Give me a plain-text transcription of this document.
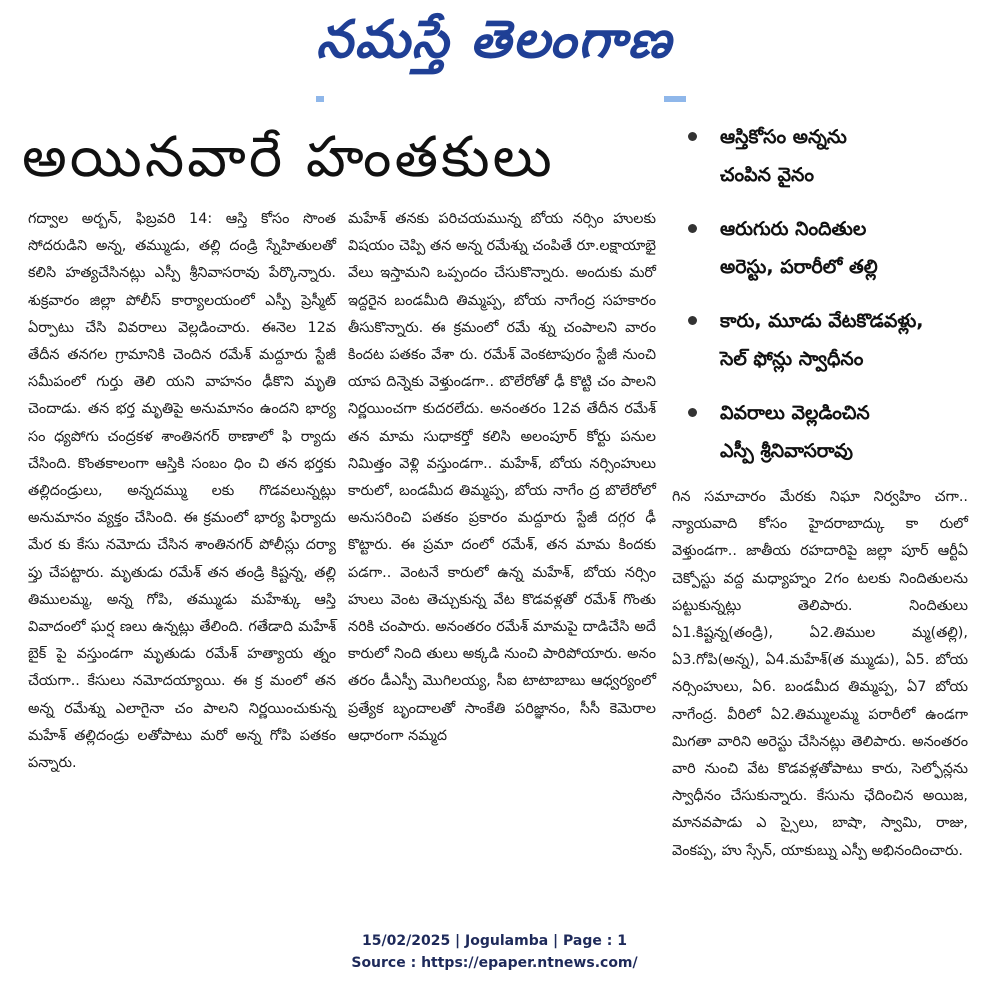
నమస్తే తెలంగాణ
అయినవారే హంతకులు	ఆస్తికోసం అన్నను
చంపిన వైనం
ఆరుగురు నిందితుల
అరెస్టు, పరారీలో తల్లి
కారు, మూడు వేటకొడవళ్లు,
సెల్ ఫోన్లు స్వాధీనం
వివరాలు వెల్లడించిన
ఎస్పీ శ్రీనివాసరావు

గద్వాల అర్బన్, ఫిబ్రవరి 14: ఆస్తి కోసం సొంత సోదరుడిని అన్న, తమ్ముడు, తల్లి దండ్రి స్నేహితులతో కలిసి హత్యచేసినట్లు ఎస్పీ శ్రీనివాసరావు పేర్కొన్నారు. శుక్రవారం జిల్లా పోలీస్ కార్యాలయంలో ఎస్పీ ప్రెస్మీట్ ఏర్పాటు చేసి వివరాలు వెల్లడించారు. ఈనెల 12వ తేదీన తనగల గ్రామానికి చెందిన రమేశ్ మద్దూరు స్టేజీ సమీపంలో గుర్తు తెలి యని వాహనం ఢీకొని మృతి చెందాడు. తన భర్త మృతిపై అనుమానం ఉందని భార్య సం ధ్యపోగు చంద్రకళ శాంతినగర్ ఠాణాలో ఫి ర్యాదు చేసింది. కొంతకాలంగా ఆస్తికి సంబం ధిం చి తన భర్తకు తల్లిదండ్రులు, అన్నదమ్ము లకు గొడవలున్నట్లు అనుమానం వ్యక్తం చేసింది. ఈ క్రమంలో భార్య ఫిర్యాదు మేర కు కేసు నమోదు చేసిన శాంతినగర్ పోలీస్లు దర్యా ప్తు చేపట్టారు. మృతుడు రమేశ్ తన తండ్రి కిష్టన్న, తల్లి తిములమ్మ, అన్న గోపి, తమ్ముడు మహేశ్కు ఆస్తి వివాదంలో ఘర్ష ణలు ఉన్నట్లు తేలింది. గతేడాది మహేశ్ బైక్ పై వస్తుండగా మృతుడు రమేశ్ హత్యాయ త్నం చేయగా.. కేసులు నమోదయ్యాయి. ఈ క్ర మంలో తన అన్న రమేశ్ను ఎలాగైనా చం పాలని నిర్ణయించుకున్న మహేశ్ తల్లిదండ్రు లతోపాటు మరో అన్న గోపి పతకం పన్నారు.

మహేశ్ తనకు పరిచయమున్న బోయ నర్సిం హులకు విషయం చెప్పి తన అన్న రమేశ్ను చంపితే రూ.లక్షాయాభై వేలు ఇస్తామని ఒప్పందం చేసుకొన్నారు. అందుకు మరో ఇద్దరైన బండమీది తిమ్మప్ప, బోయ నాగేంద్ర సహకారం తీసుకొన్నారు. ఈ క్రమంలో రమే శ్ను చంపాలని వారం కిందట పతకం వేశా రు. రమేశ్ వెంకటాపురం స్టేజీ నుంచి యాప దిన్నెకు వెళ్తుండగా.. బొలేరోతో ఢీ కొట్టి చం పాలని నిర్ణయించగా కుదరలేదు. అనంతరం 12వ తేదీన రమేశ్ తన మామ సుధాకర్తో కలిసి అలంపూర్ కోర్టు పనుల నిమిత్తం వెళ్లి వస్తుండగా.. మహేశ్, బోయ నర్సింహులు కారులో, బండమీద తిమ్మప్ప, బోయ నాగేం ద్ర బొలేరోలో అనుసరించి పతకం ప్రకారం మద్దూరు స్టేజీ దగ్గర ఢీ కొట్టారు. ఈ ప్రమా దంలో రమేశ్, తన మామ కిందకు పడగా.. వెంటనే కారులో ఉన్న మహేశ్, బోయ నర్సిం హులు వెంట తెచ్చుకున్న వేట కొడవళ్లతో రమేశ్ గొంతు నరికి చంపారు. అనంతరం రమేశ్ మామపై దాడిచేసి అదే కారులో నింది తులు అక్కడి నుంచి పారిపోయారు. అనం తరం డీఎస్పీ మొగిలయ్య, సీఐ టాటాబాబు ఆధ్వర్యంలో ప్రత్యేక బృందాలతో సాంకేతి పరిజ్ఞానం, సీసీ కెమెరాల ఆధారంగా నమ్మద

గిన సమాచారం మేరకు నిఘా నిర్వహిం చగా.. న్యాయవాది కోసం హైదరాబాద్కు కా రులో వెళ్తుండగా.. జాతీయ రహదారిపై జల్లా పూర్ ఆర్టీఏ చెక్పోస్టు వద్ద మధ్యాహ్నం 2గం టలకు నిందితులను పట్టుకున్నట్లు తెలిపారు. నిందితులు ఏ1.కిష్టన్న(తండ్రి), ఏ2.తిముల మ్మ(తల్లి), ఏ3.గోపి(అన్న), ఏ4.మహేశ్(త మ్ముడు), ఏ5. బోయ నర్సింహులు, ఏ6. బండమీద తిమ్మప్ప, ఏ7 బోయ నాగేంద్ర. వీరిలో ఏ2.తిమ్ములమ్మ పరారీలో ఉండగా మిగతా వారిని అరెస్టు చేసినట్లు తెలిపారు. అనంతరం వారి నుంచి వేట కొడవళ్లతోపాటు కారు, సెల్ఫోన్లను స్వాధీనం చేసుకున్నారు. కేసును ఛేదించిన అయిజ, మానవపాడు ఎ స్సైలు, బాషా, స్వామి, రాజు, వెంకప్ప, హు స్సేన్, యాకుబ్ను ఎస్పీ అభినందించారు.

15/02/2025 | Jogulamba | Page : 1
Source : https://epaper.ntnews.com/
